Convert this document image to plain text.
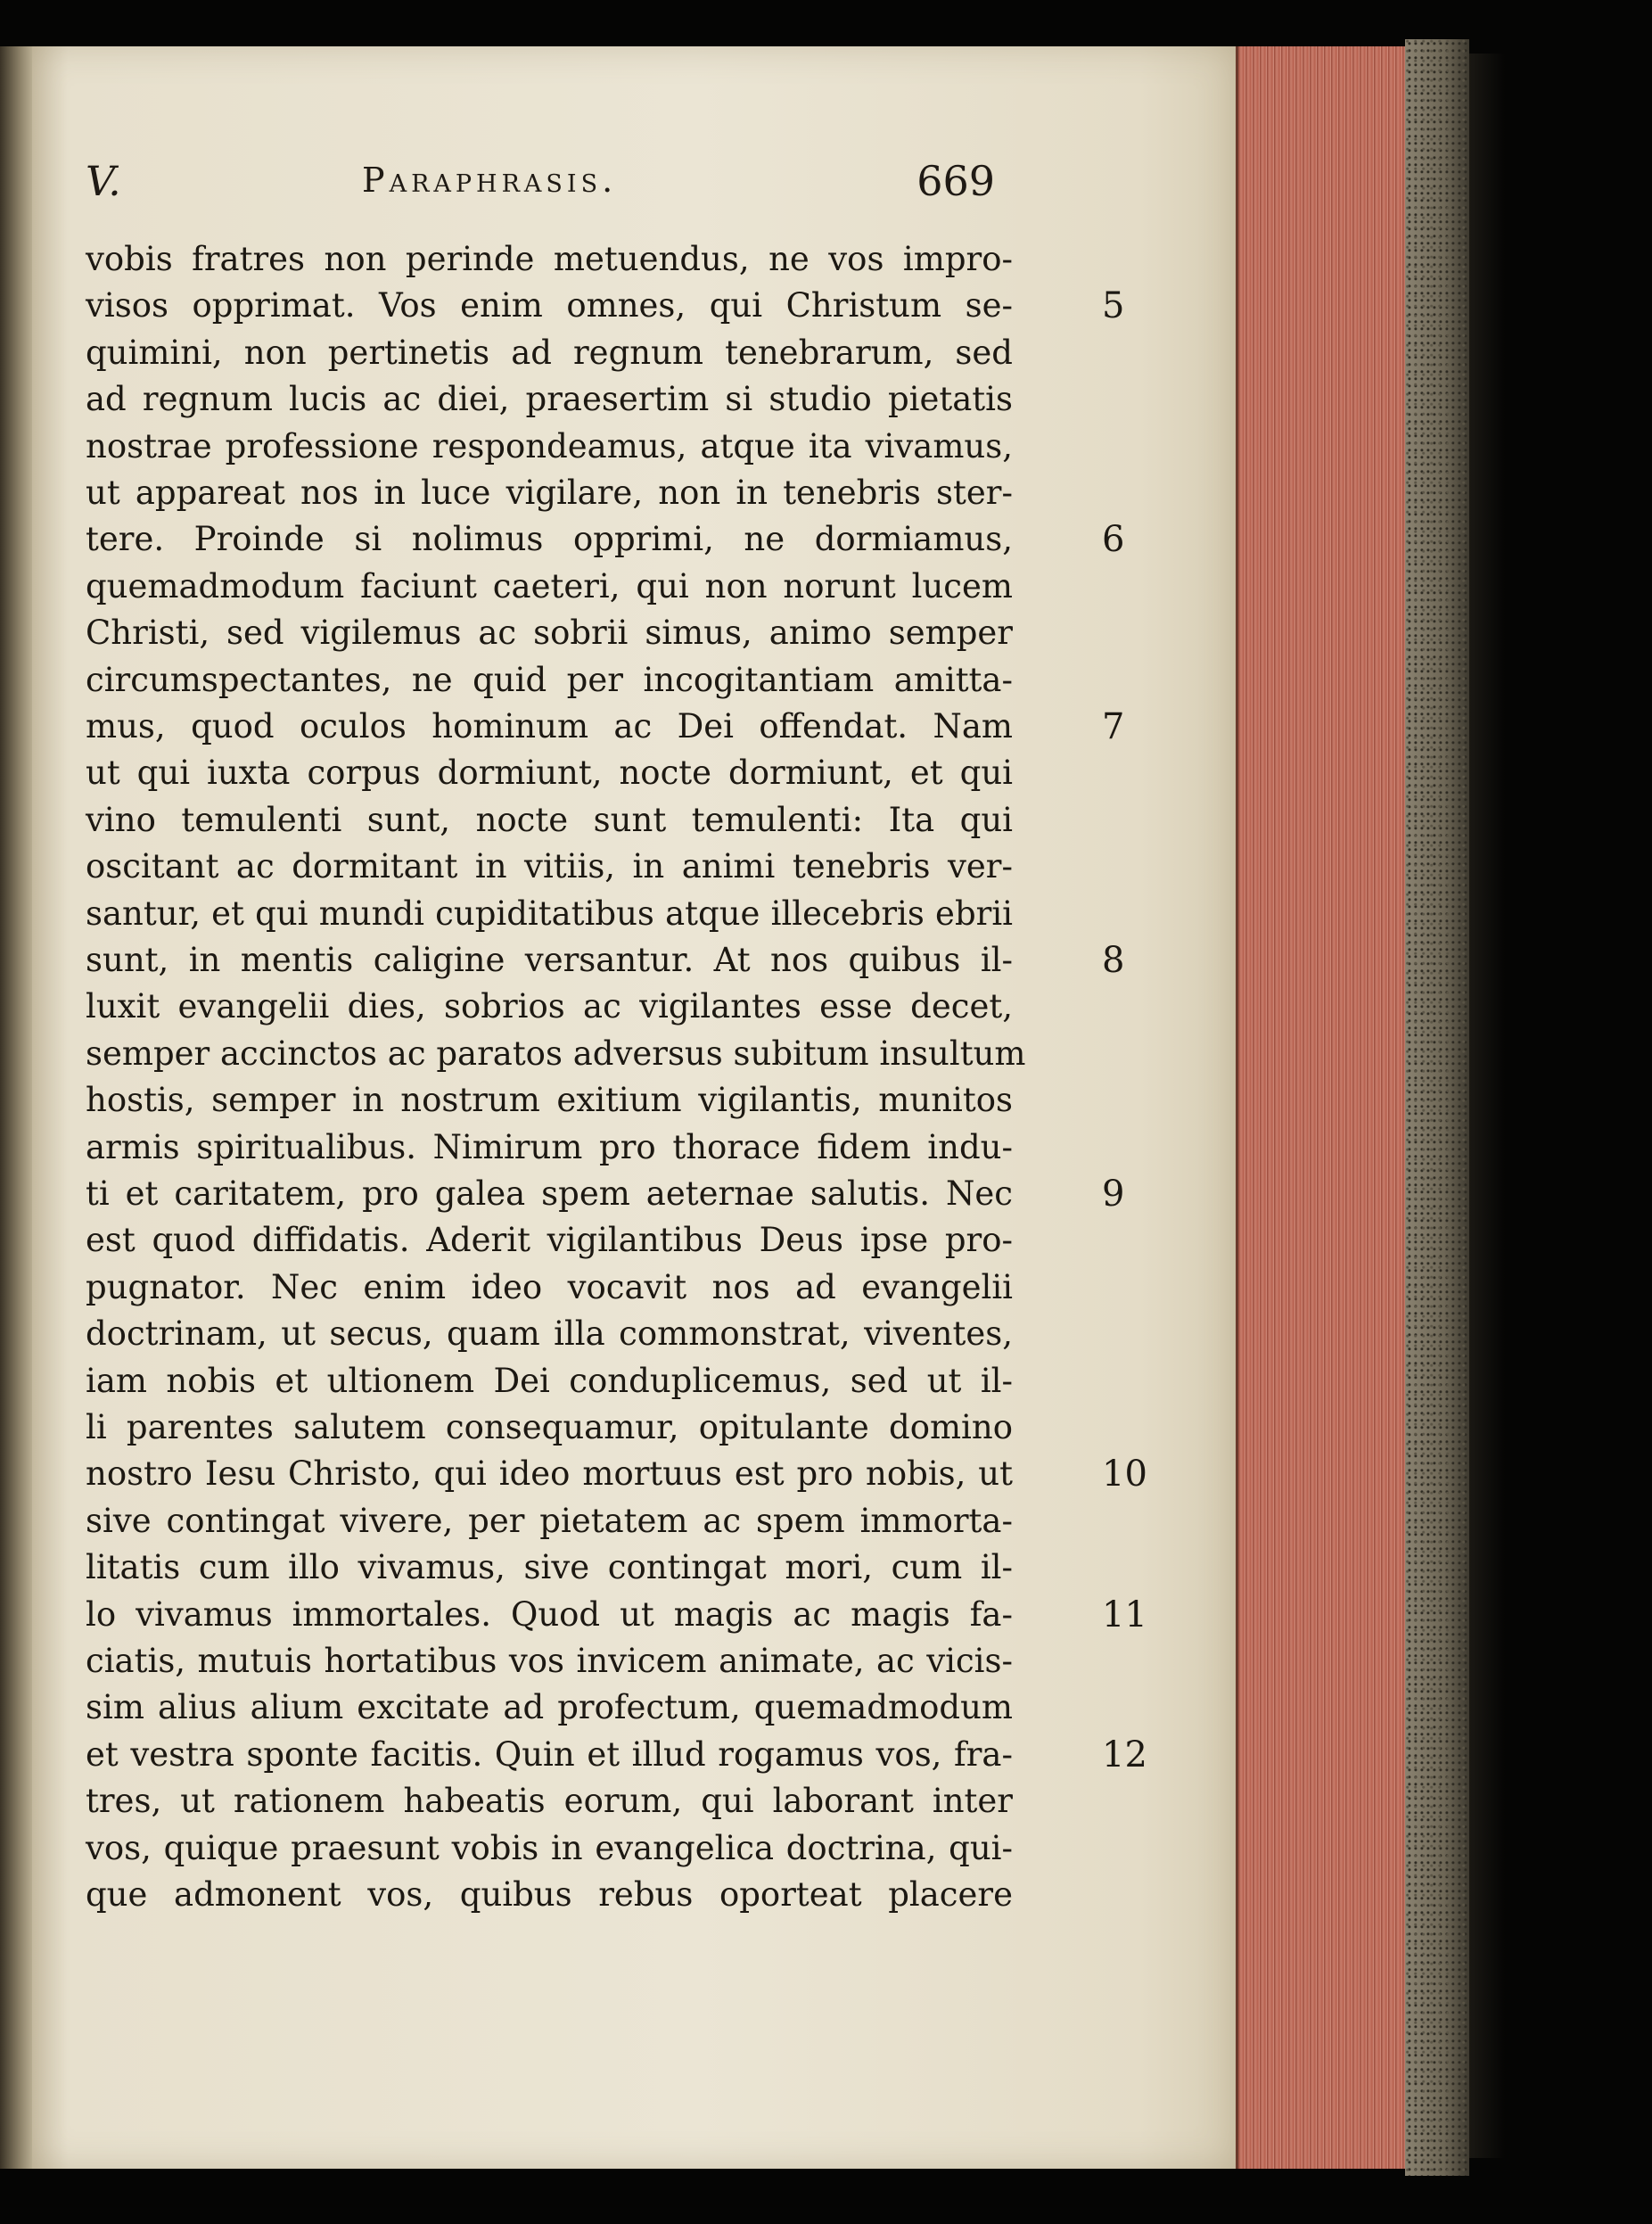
V.	Paraphrasis.	669
vobis fratres non perinde metuendus, ne vos impro-
visos opprimat. Vos enim omnes, qui Christum se-
quimini, non pertinetis ad regnum tenebrarum, sed
ad regnum lucis ac diei, praesertim si studio pietatis
nostrae professione respondeamus, atque ita vivamus,
ut appareat nos in luce vigilare, non in tenebris ster-
tere. Proinde si nolimus opprimi, ne dormiamus,
quemadmodum faciunt caeteri, qui non norunt lucem
Christi, sed vigilemus ac sobrii simus, animo semper
circumspectantes, ne quid per incogitantiam amitta-
mus, quod oculos hominum ac Dei offendat. Nam
ut qui iuxta corpus dormiunt, nocte dormiunt, et qui
vino temulenti sunt, nocte sunt temulenti: Ita qui
oscitant ac dormitant in vitiis, in animi tenebris ver-
santur, et qui mundi cupiditatibus atque illecebris ebrii
sunt, in mentis caligine versantur. At nos quibus il-
luxit evangelii dies, sobrios ac vigilantes esse decet,
semper accinctos ac paratos adversus subitum insultum
hostis, semper in nostrum exitium vigilantis, munitos
armis spiritualibus. Nimirum pro thorace fidem indu-
ti et caritatem, pro galea spem aeternae salutis. Nec
est quod diffidatis. Aderit vigilantibus Deus ipse pro-
pugnator. Nec enim ideo vocavit nos ad evangelii
doctrinam, ut secus, quam illa commonstrat, viventes,
iam nobis et ultionem Dei conduplicemus, sed ut il-
li parentes salutem consequamur, opitulante domino
nostro Iesu Christo, qui ideo mortuus est pro nobis, ut
sive contingat vivere, per pietatem ac spem immorta-
litatis cum illo vivamus, sive contingat mori, cum il-
lo vivamus immortales. Quod ut magis ac magis fa-
ciatis, mutuis hortatibus vos invicem animate, ac vicis-
sim alius alium excitate ad profectum, quemadmodum
et vestra sponte facitis. Quin et illud rogamus vos, fra-
tres, ut rationem habeatis eorum, qui laborant inter
vos, quique praesunt vobis in evangelica doctrina, qui-
que admonent vos, quibus rebus oporteat placere
5
6
7
8
9
10
11
12
